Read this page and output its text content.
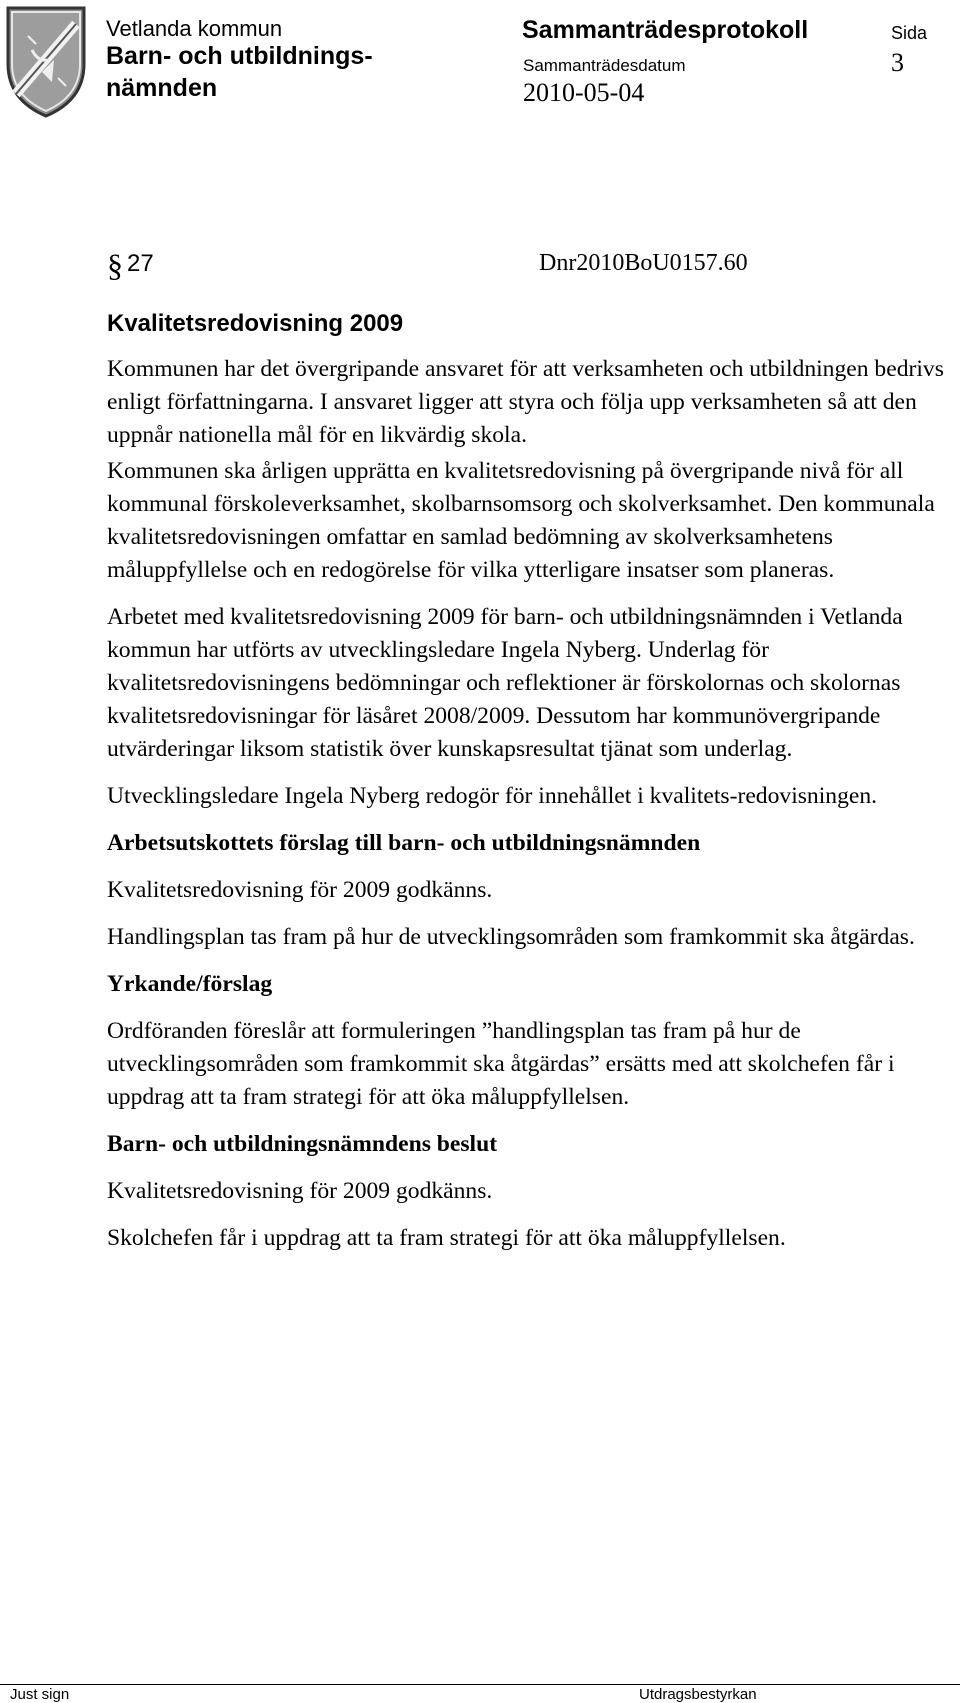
Vetlanda kommun
Barn- och utbildnings-
nämnden
Sammanträdesprotokoll	Sida
Sammanträdesdatum	3
2010-05-04
§ 27	Dnr2010BoU0157.60
Kvalitetsredovisning 2009

Kommunen har det övergripande ansvaret för att verksamheten och utbildningen bedrivs enligt författningarna. I ansvaret ligger att styra och följa upp verksamheten så att den uppnår nationella mål för en likvärdig skola.

Kommunen ska årligen upprätta en kvalitetsredovisning på övergripande nivå för all kommunal förskoleverksamhet, skolbarnsomsorg och skolverksamhet. Den kommunala kvalitetsredovisningen omfattar en samlad bedömning av skolverksamhetens måluppfyllelse och en redogörelse för vilka ytterligare insatser som planeras.

Arbetet med kvalitetsredovisning 2009 för barn- och utbildningsnämnden i Vetlanda kommun har utförts av utvecklingsledare Ingela Nyberg. Underlag för kvalitetsredovisningens bedömningar och reflektioner är förskolornas och skolornas kvalitetsredovisningar för läsåret 2008/2009. Dessutom har kommunövergripande utvärderingar liksom statistik över kunskapsresultat tjänat som underlag.

Utvecklingsledare Ingela Nyberg redogör för innehållet i kvalitets-redovisningen.

Arbetsutskottets förslag till barn- och utbildningsnämnden

Kvalitetsredovisning för 2009 godkänns.

Handlingsplan tas fram på hur de utvecklingsområden som framkommit ska åtgärdas.

Yrkande/förslag

Ordföranden föreslår att formuleringen ”handlingsplan tas fram på hur de utvecklingsområden som framkommit ska åtgärdas” ersätts med att skolchefen får i uppdrag att ta fram strategi för att öka måluppfyllelsen.

Barn- och utbildningsnämndens beslut

Kvalitetsredovisning för 2009 godkänns.

Skolchefen får i uppdrag att ta fram strategi för att öka måluppfyllelsen.

Just sign	Utdragsbestyrkan
